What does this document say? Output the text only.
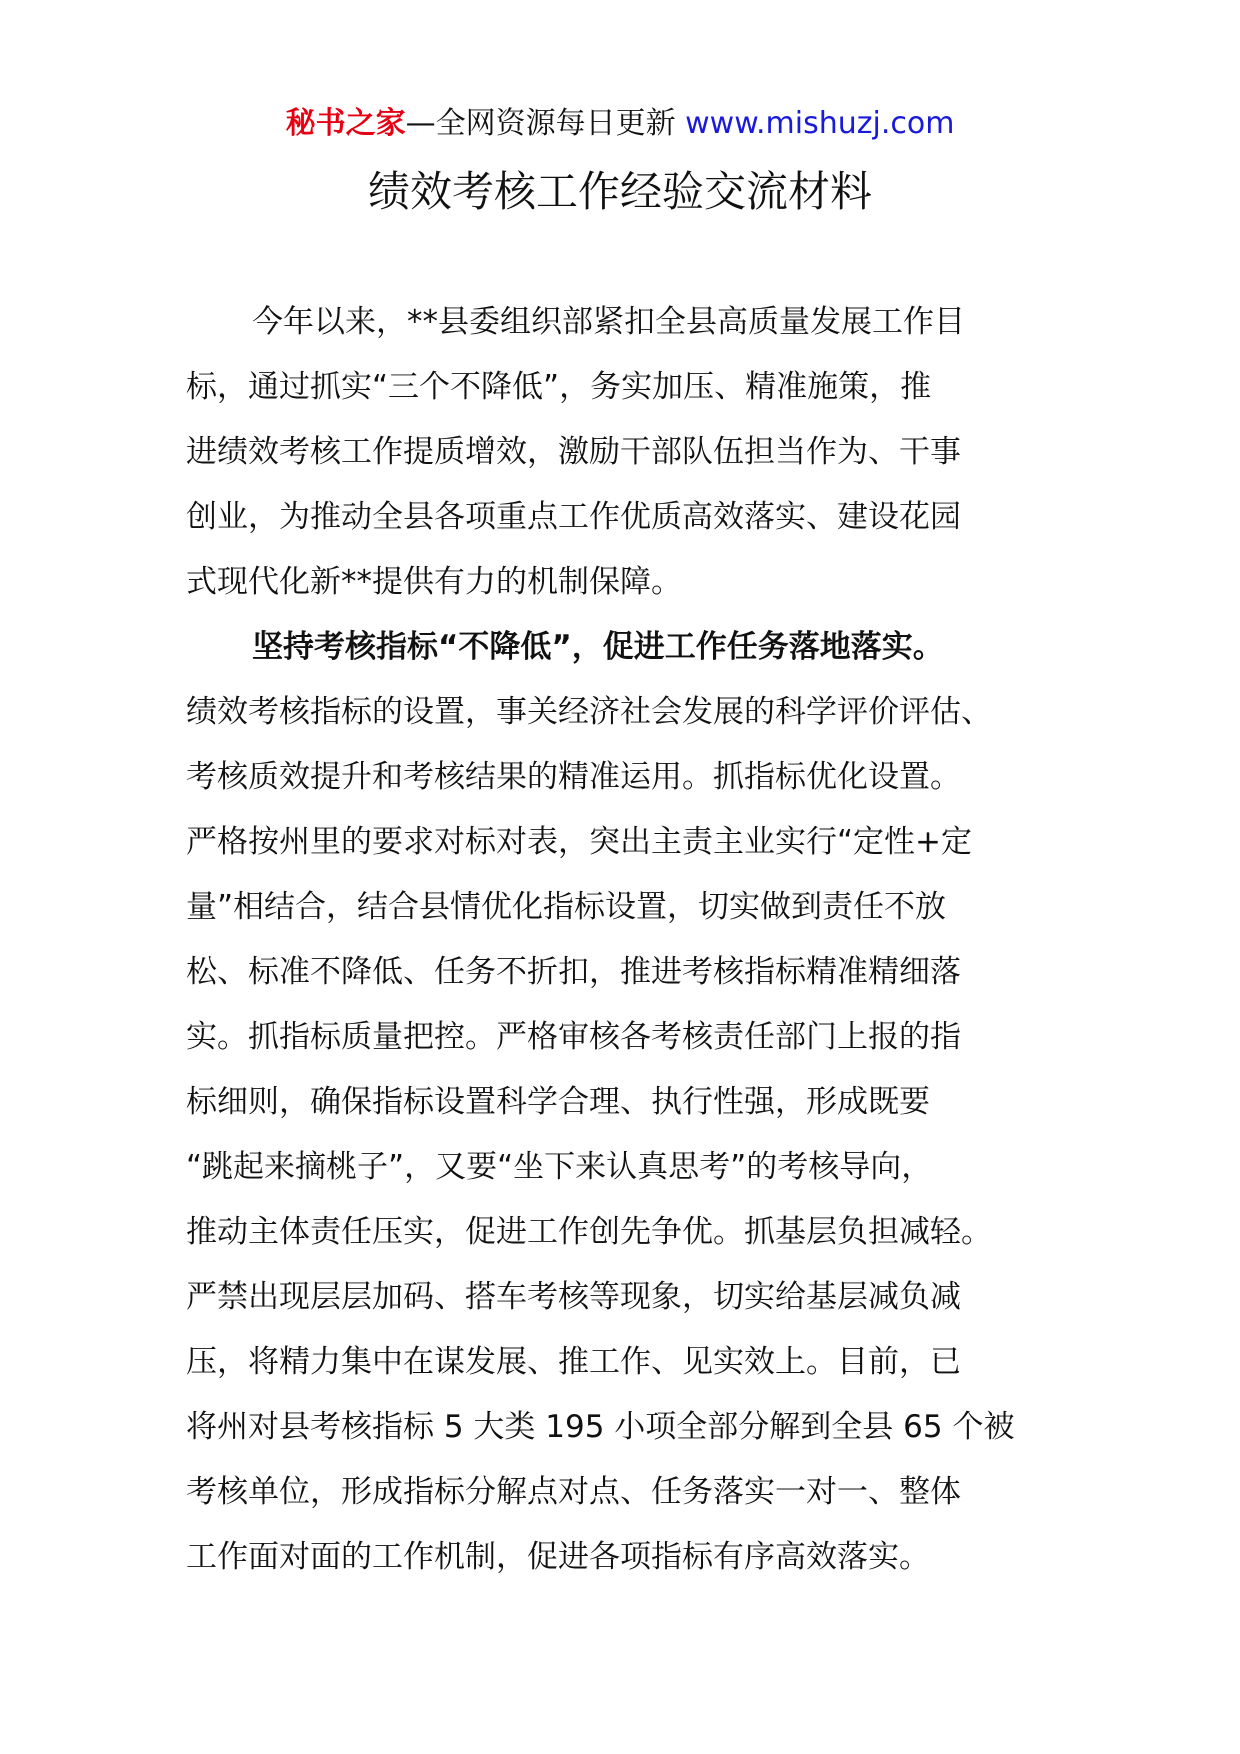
秘书之家—全网资源每日更新 www.mishuzj.com
绩效考核工作经验交流材料
今年以来，**县委组织部紧扣全县高质量发展工作目
标，通过抓实“三个不降低”，务实加压、精准施策，推
进绩效考核工作提质增效，激励干部队伍担当作为、干事
创业，为推动全县各项重点工作优质高效落实、建设花园
式现代化新**提供有力的机制保障。
坚持考核指标“不降低”，促进工作任务落地落实。
绩效考核指标的设置，事关经济社会发展的科学评价评估、
考核质效提升和考核结果的精准运用。抓指标优化设置。
严格按州里的要求对标对表，突出主责主业实行“定性+定
量”相结合，结合县情优化指标设置，切实做到责任不放
松、标准不降低、任务不折扣，推进考核指标精准精细落
实。抓指标质量把控。严格审核各考核责任部门上报的指
标细则，确保指标设置科学合理、执行性强，形成既要
“跳起来摘桃子”，又要“坐下来认真思考”的考核导向，
推动主体责任压实，促进工作创先争优。抓基层负担减轻。
严禁出现层层加码、搭车考核等现象，切实给基层减负减
压，将精力集中在谋发展、推工作、见实效上。目前，已
将州对县考核指标 5 大类 195 小项全部分解到全县 65 个被
考核单位，形成指标分解点对点、任务落实一对一、整体
工作面对面的工作机制，促进各项指标有序高效落实。
